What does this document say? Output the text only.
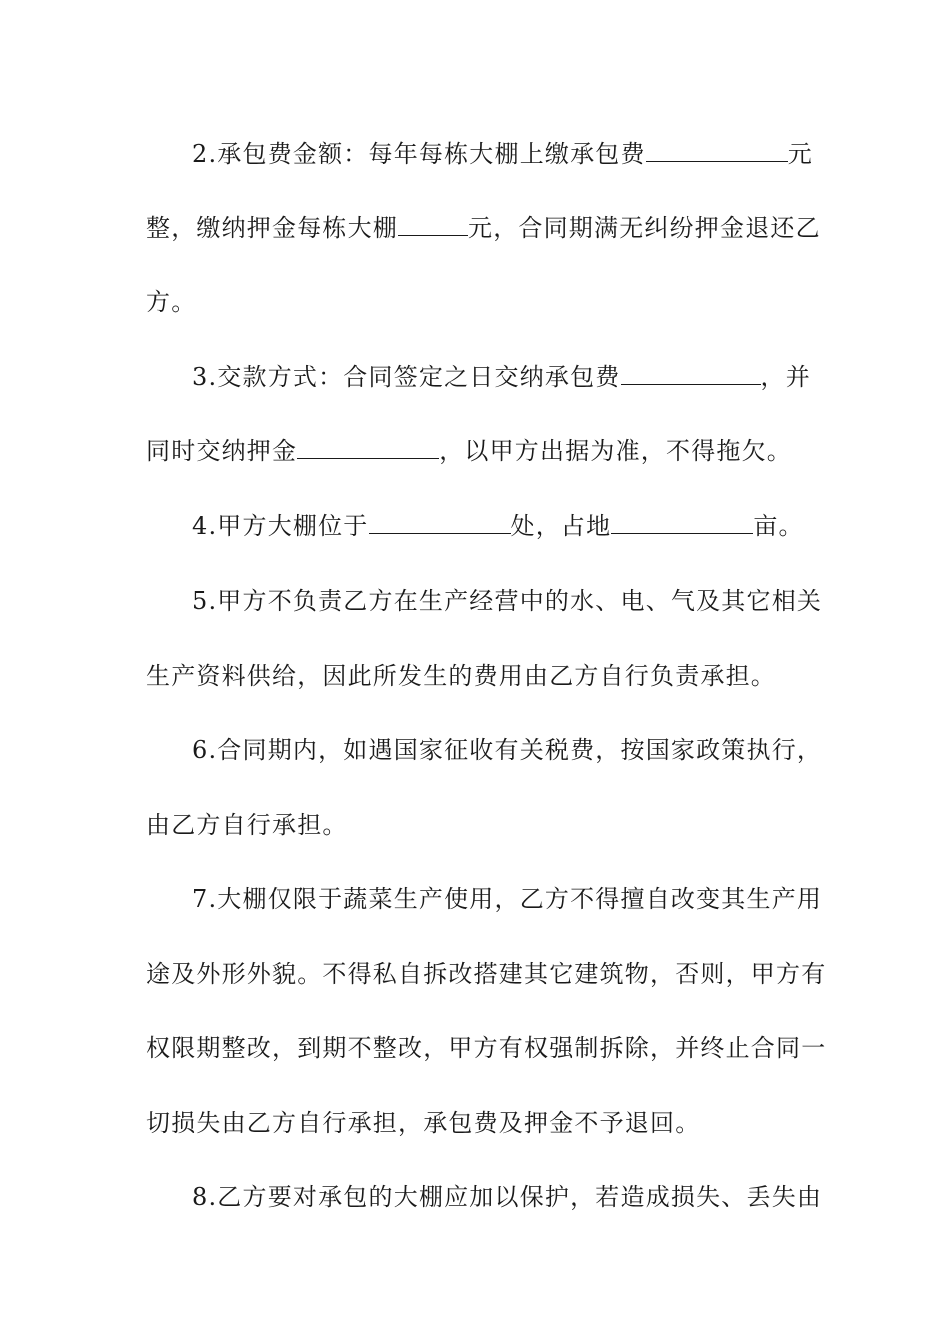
2.承包费金额：每年每栋大棚上缴承包费	元
整，缴纳押金每栋大棚	元，合同期满无纠纷押金退还乙
方。
3.交款方式：合同签定之日交纳承包费	，并
同时交纳押金	，以甲方出据为准，不得拖欠。
4.甲方大棚位于	处，占地	亩。
5.甲方不负责乙方在生产经营中的水、电、气及其它相关
生产资料供给，因此所发生的费用由乙方自行负责承担。
6.合同期内，如遇国家征收有关税费，按国家政策执行，
由乙方自行承担。
7.大棚仅限于蔬菜生产使用，乙方不得擅自改变其生产用
途及外形外貌。不得私自拆改搭建其它建筑物，否则，甲方有
权限期整改，到期不整改，甲方有权强制拆除，并终止合同一
切损失由乙方自行承担，承包费及押金不予退回。
8.乙方要对承包的大棚应加以保护，若造成损失、丢失由
